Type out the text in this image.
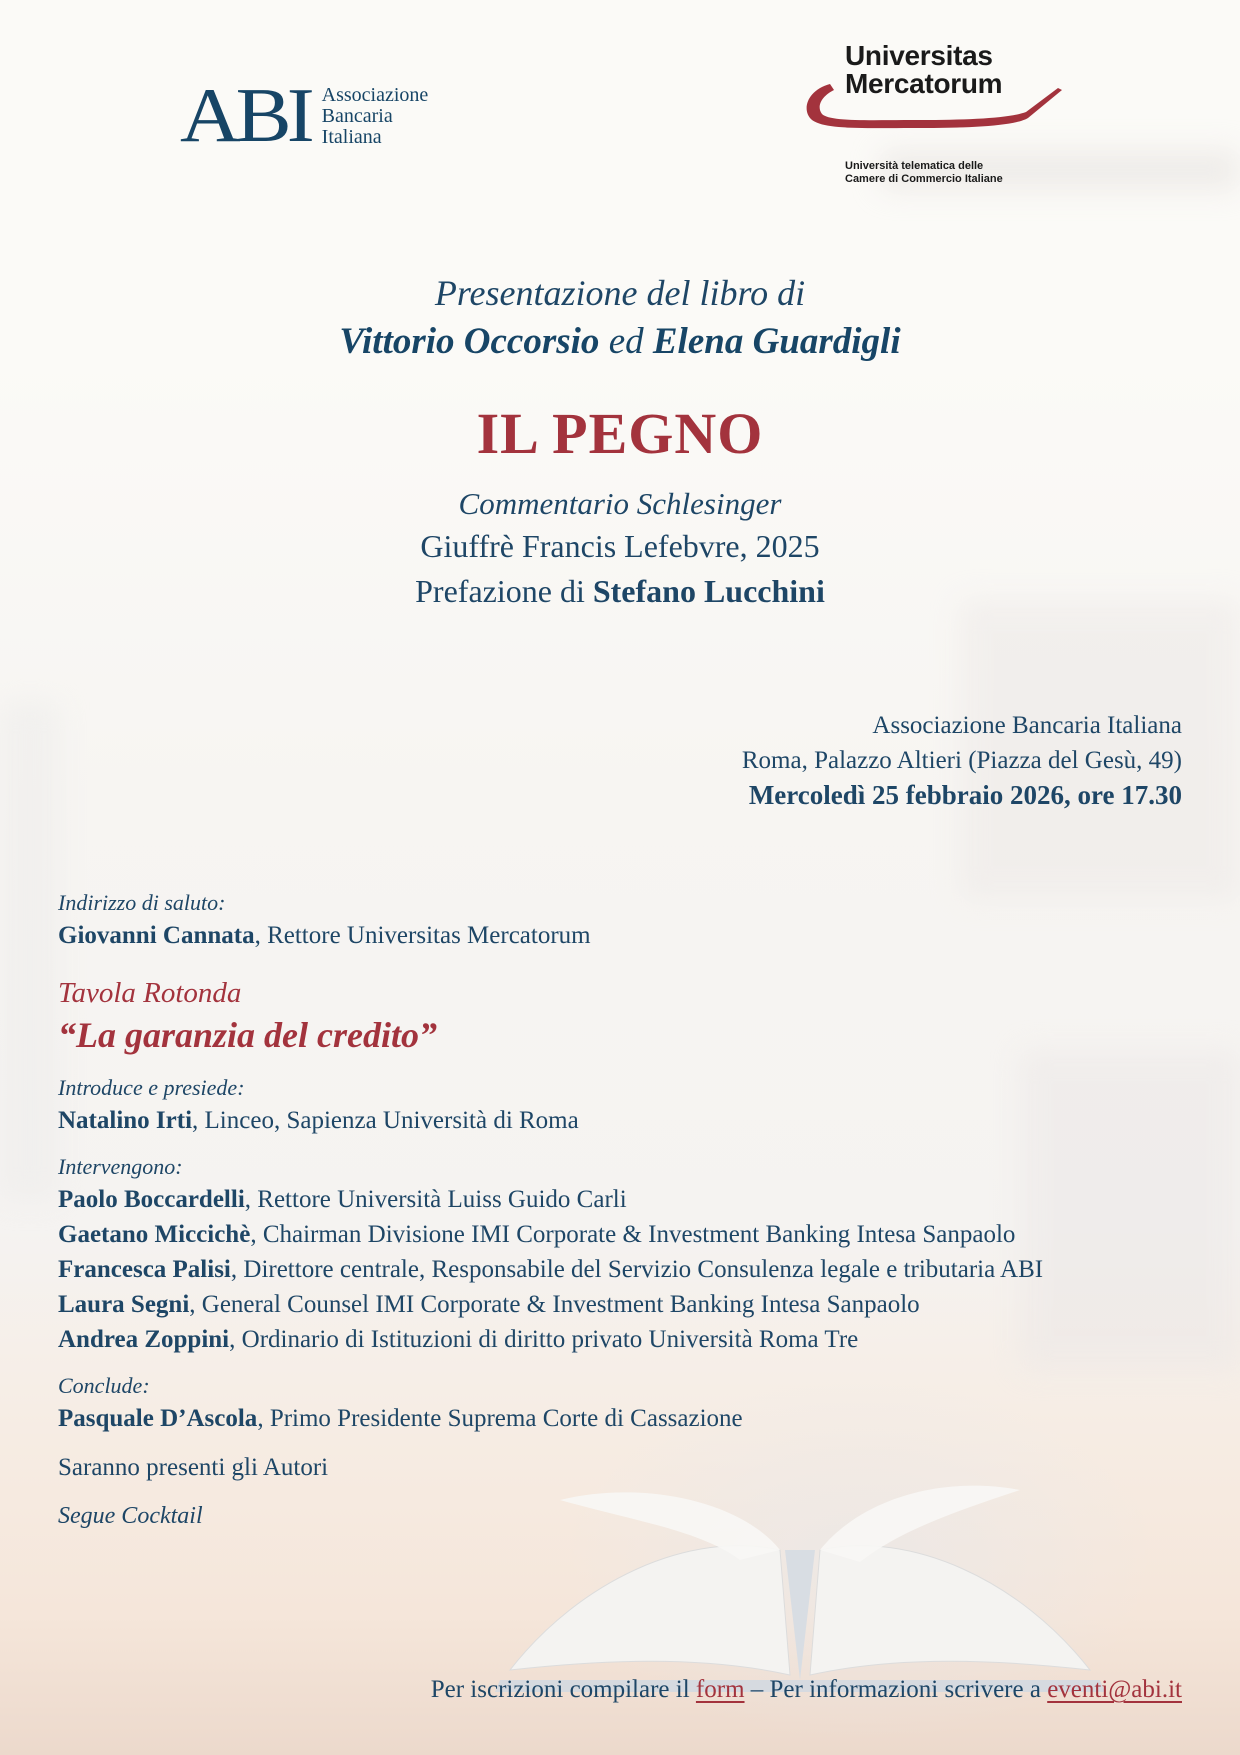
ABI Associazione
Bancaria
Italiana
Universitas
Mercatorum
Università telematica delle
Camere di Commercio Italiane
Presentazione del libro di
Vittorio Occorsio ed Elena Guardigli
IL PEGNO
Commentario Schlesinger
Giuffrè Francis Lefebvre, 2025
Prefazione di Stefano Lucchini
Associazione Bancaria Italiana
Roma, Palazzo Altieri (Piazza del Gesù, 49)
Mercoledì 25 febbraio 2026, ore 17.30
Indirizzo di saluto:
Giovanni Cannata, Rettore Universitas Mercatorum
Tavola Rotonda
“La garanzia del credito”
Introduce e presiede:
Natalino Irti, Linceo, Sapienza Università di Roma
Intervengono:
Paolo Boccardelli, Rettore Università Luiss Guido Carli
Gaetano Miccichè, Chairman Divisione IMI Corporate & Investment Banking Intesa Sanpaolo
Francesca Palisi, Direttore centrale, Responsabile del Servizio Consulenza legale e tributaria ABI
Laura Segni, General Counsel IMI Corporate & Investment Banking Intesa Sanpaolo
Andrea Zoppini, Ordinario di Istituzioni di diritto privato Università Roma Tre
Conclude:
Pasquale D’Ascola, Primo Presidente Suprema Corte di Cassazione
Saranno presenti gli Autori
Segue Cocktail
Per iscrizioni compilare il form – Per informazioni scrivere a eventi@abi.it
